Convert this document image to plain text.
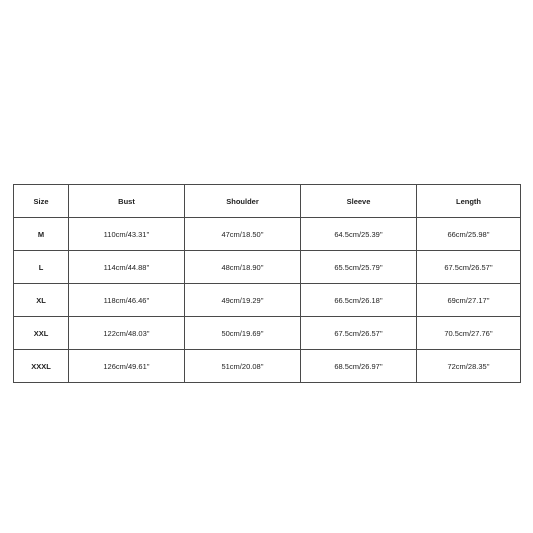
Size	Bust	Shoulder	Sleeve	Length
M	110cm/43.31''	47cm/18.50''	64.5cm/25.39''	66cm/25.98''
L	114cm/44.88''	48cm/18.90''	65.5cm/25.79''	67.5cm/26.57''
XL	118cm/46.46''	49cm/19.29''	66.5cm/26.18''	69cm/27.17''
XXL	122cm/48.03''	50cm/19.69''	67.5cm/26.57''	70.5cm/27.76''
XXXL	126cm/49.61''	51cm/20.08''	68.5cm/26.97''	72cm/28.35''
